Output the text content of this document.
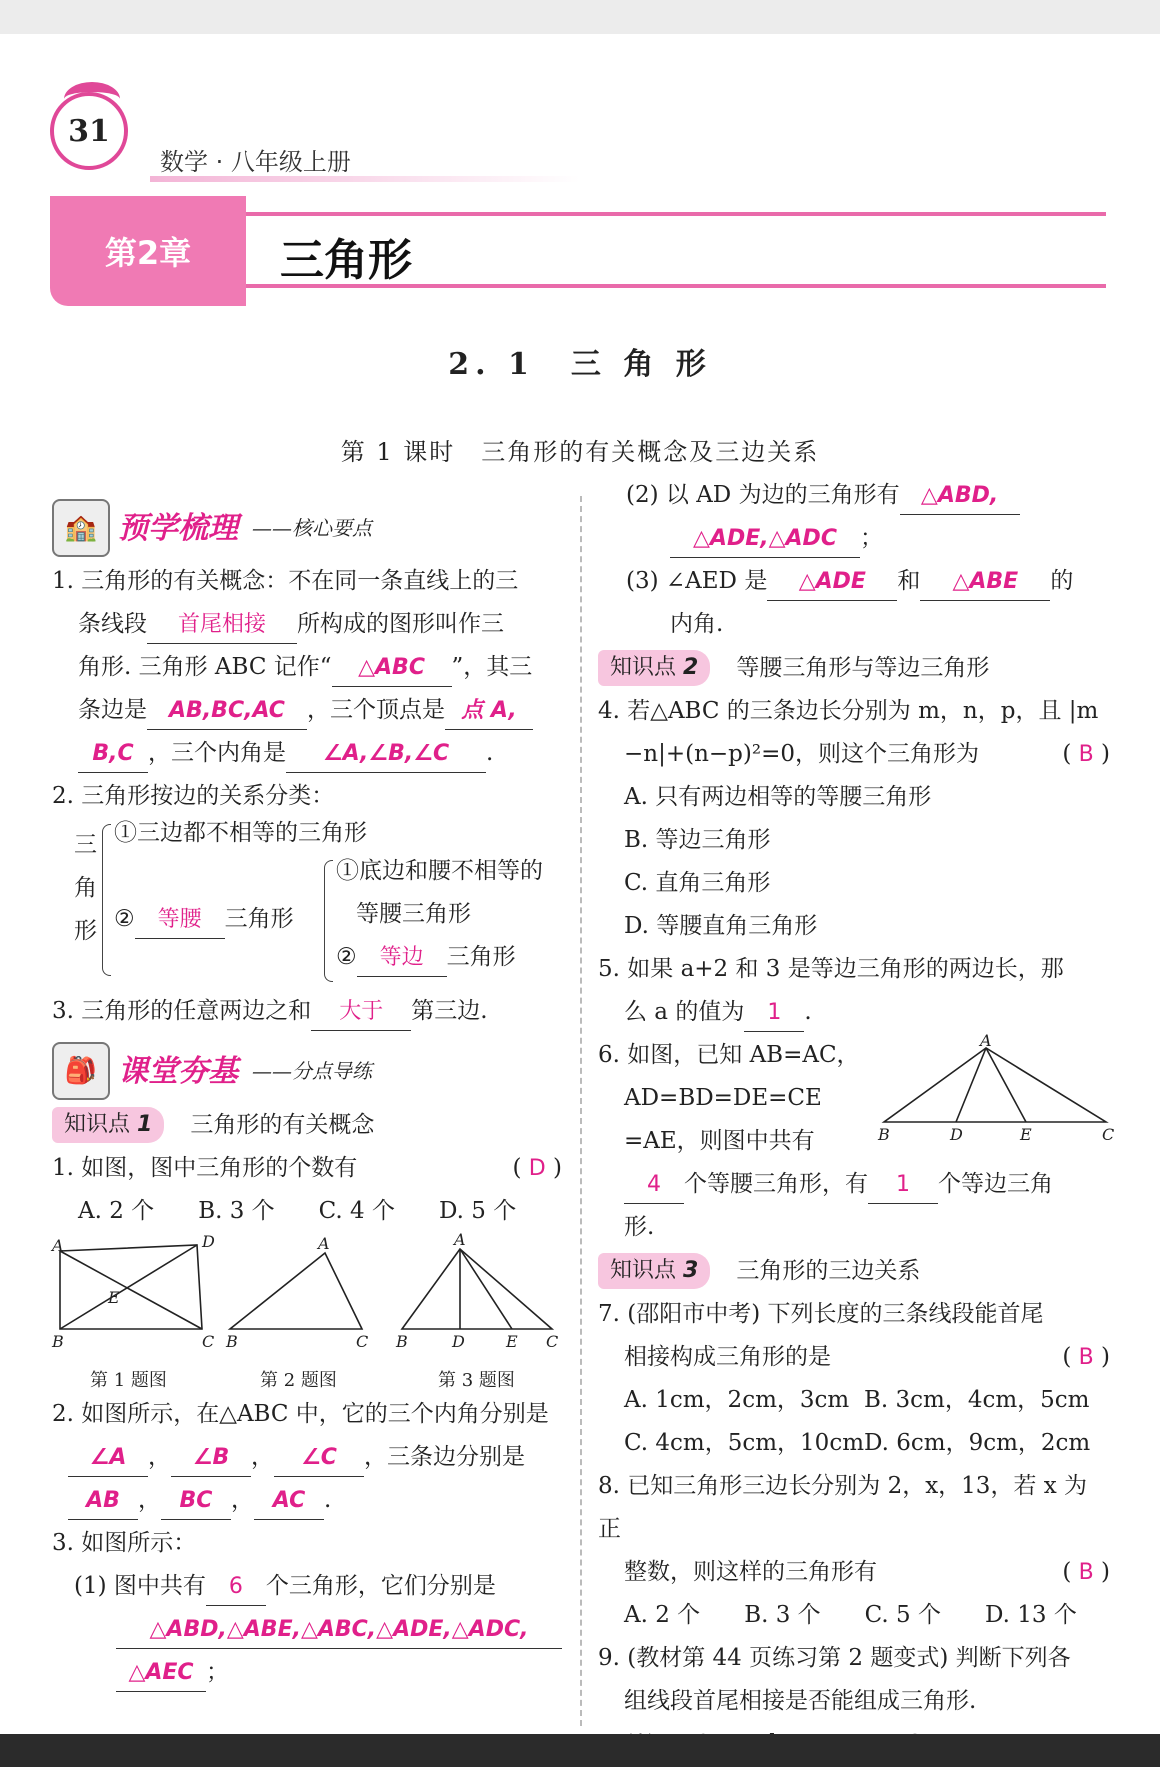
31
数学 · 八年级上册
第2章	三角形
2. 1　三 角 形
第 1 课时　三角形的有关概念及三边关系
🏫 预学梳理 ——核心要点
1. 三角形的有关概念：不在同一条直线上的三
条线段 首尾相接 所构成的图形叫作三
角形. 三角形 ABC 记作“ △ABC ”，其三
条边是 AB,BC,AC ，三个顶点是 点 A,
B,C ，三个内角是 ∠A,∠B,∠C .
2. 三角形按边的关系分类：
三
角
形
①三边都不相等的三角形
② 等腰 三角形
①底边和腰不相等的
等腰三角形
② 等边 三角形
3. 三角形的任意两边之和 大于 第三边.
🎒 课堂夯基 ——分点导练
知识点 1	三角形的有关概念
1. 如图，图中三角形的个数有	( D )
A. 2 个 B. 3 个 C. 4 个 D. 5 个
A	D
E
B	C
A
B	C
A
B	D	E C
第 1 题图	第 2 题图	第 3 题图
2. 如图所示，在△ABC 中，它的三个内角分别是
∠A ， ∠B ， ∠C ，三条边分别是
AB ， BC ， AC .
3. 如图所示：
(1) 图中共有 6 个三角形，它们分别是
△ABD,△ABE,△ABC,△ADE,△ADC,
△AEC ；
(2) 以 AD 为边的三角形有 △ABD,
△ADE,△ADC ；
(3) ∠AED 是 △ADE 和 △ABE 的
内角.
知识点 2	等腰三角形与等边三角形
4. 若△ABC 的三条边长分别为 m，n，p，且 |m
−n|+(n−p)²=0，则这个三角形为	( B )
A. 只有两边相等的等腰三角形
B. 等边三角形
C. 直角三角形
D. 等腰直角三角形
5. 如果 a+2 和 3 是等边三角形的两边长，那
么 a 的值为 1 .
6. 如图，已知 AB=AC，
AD=BD=DE=CE
=AE，则图中共有
4 个等腰三角形，有 1 个等边三角
形.
A
B	D	E	C
知识点 3	三角形的三边关系
7. (邵阳市中考) 下列长度的三条线段能首尾
相接构成三角形的是	( B )
A. 1cm，2cm，3cm B. 3cm，4cm，5cm
C. 4cm，5cm，10cm D. 6cm，9cm，2cm
8. 已知三角形三边长分别为 2，x，13，若 x 为正
整数，则这样的三角形有	( B )
A. 2 个 B. 3 个 C. 5 个 D. 13 个
9. (教材第 44 页练习第 2 题变式) 判断下列各
组线段首尾相接是否能组成三角形.
